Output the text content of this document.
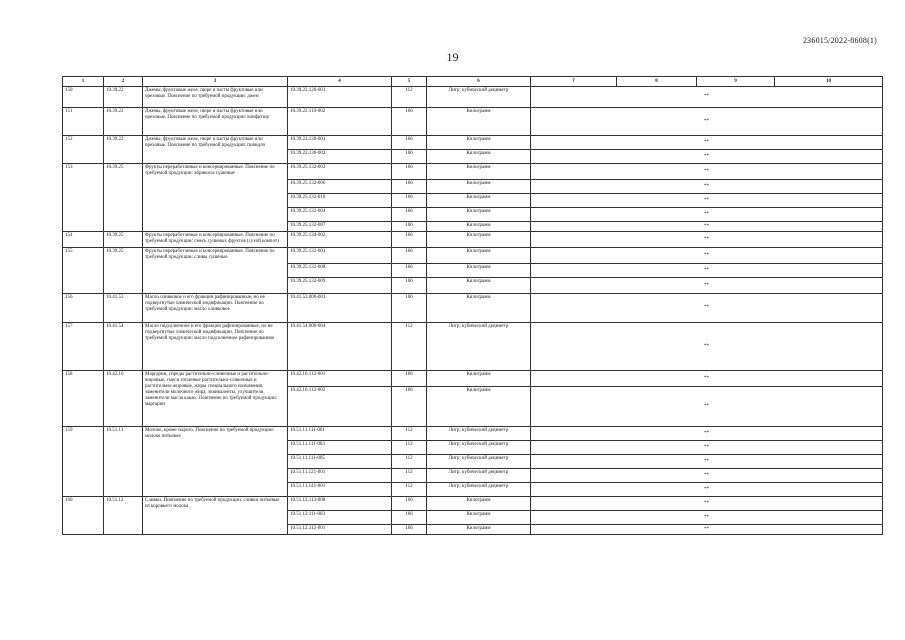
236015/2022-8608(1)
19
1	2	3	4	5	6	7	8	9	10
150	10.39.22	Джемы, фруктовые желе, пюре и пасты фруктовые или ореховые. Пояснение по требуемой продукции: джем	10.39.22.120-001	112	Литр; кубический дециметр	**			
151	10.39.22	Джемы, фруктовые желе, пюре и пасты фруктовые или ореховые. Пояснение по требуемой продукции: конфитюр	10.39.22.110-002	166	Килограмм	**			
152	10.39.22	Джемы, фруктовые желе, пюре и пасты фруктовые или ореховые. Пояснение по требуемой продукции: повидло	10.39.22.130-001	166	Килограмм	**			
			10.39.22.130-002	166	Килограмм	**			
153	10.39.25	Фрукты переработанные и консервированные. Пояснение по требуемой продукции: абрикосы сушеные	10.39.25.132-003	166	Килограмм	**			
			10.39.25.132-006	166	Килограмм	**			
			10.39.25.132-010	166	Килограмм	**			
			10.39.25.132-004	166	Килограмм	**			
			10.39.25.132-007	166	Килограмм	**			
154	10.39.25	Фрукты переработанные и консервированные. Пояснение по требуемой продукции: смесь сушеных фруктов (сухой компот)	10.39.25.134-002	166	Килограмм	**			
155	10.39.25	Фрукты переработанные и консервированные. Пояснение по требуемой продукции: сливы сушеные	10.39.25.132-001	166	Килограмм	**			
			10.39.25.132-008	166	Килограмм	**			
			10.39.25.132-009	166	Килограмм	**			
156	10.41.53	Масло оливковое и его фракции рафинированные, но не подвергнутые химической модификации. Пояснение по требуемой продукции: масло оливковое	10.41.53.000-001	166	Килограмм	**			
157	10.41.54	Масло подсолнечное и его фракции рафинированные, но не подвергнутые химической модификации. Пояснение по требуемой продукции: масло подсолнечное рафинированное	10.41.54.000-004	112	Литр; кубический дециметр	**			
158	10.42.10	Маргарин, спреды растительно-сливочные и растительно-жировые, смеси топленые растительно-сливочные и растительно-жировые, жиры специального назначения, заменители молочного жира, эквиваленты, улучшители, заменители масла какао. Пояснение по требуемой продукции: маргарин	10.42.10.112-001	166	Килограмм	**			
			10.42.10.112-002	166	Килограмм	**			
159	10.51.11	Молоко, кроме сырого. Пояснение по требуемой продукции: молоко питьевое	10.51.11.111-001	112	Литр; кубический дециметр	**			
			10.51.11.111-003	112	Литр; кубический дециметр	**			
			10.51.11.111-005	112	Литр; кубический дециметр	**			
			10.51.11.121-001	112	Литр; кубический дециметр	**			
			10.51.11.141-001	112	Литр; кубический дециметр	**			
160	10.51.12	Сливки. Пояснение по требуемой продукции: сливки питьевые из коровьего молока	10.51.12.113-008	166	Килограмм	**			
			10.51.12.111-003	166	Килограмм	**			
			10.51.12.112-001	166	Килограмм	**			
